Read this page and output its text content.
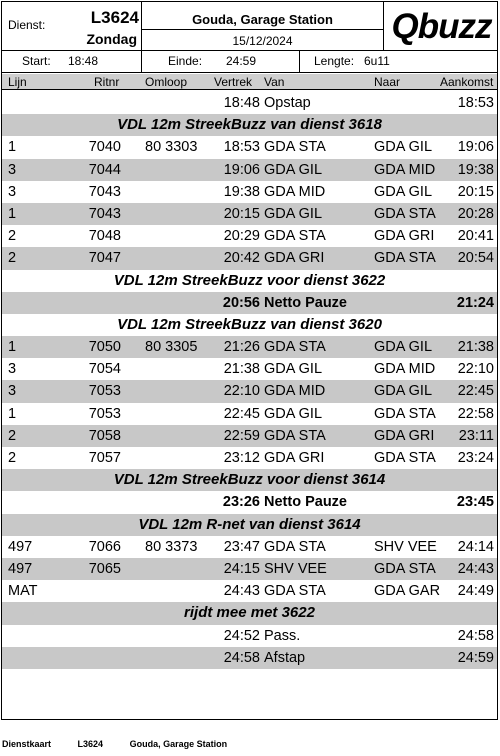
Dienst:	L3624
Zondag
Gouda, Garage Station
15/12/2024	Qbuzz
Start: 18:48	Einde: 24:59	Lengte: 6u11
Lijn	Ritnr Omloop Vertrek Van	Naar	Aankomst
18:48 Opstap	18:53
VDL 12m StreekBuzz van dienst 3618
1	7040 80 3303 18:53 GDA STA	GDA GIL 19:06
3	7044	19:06 GDA GIL	GDA MID 19:38
3	7043	19:38 GDA MID	GDA GIL 20:15
1	7043	20:15 GDA GIL	GDA STA 20:28
2	7048	20:29 GDA STA	GDA GRI 20:41
2	7047	20:42 GDA GRI	GDA STA 20:54
VDL 12m StreekBuzz voor dienst 3622
20:56 Netto Pauze	21:24
VDL 12m StreekBuzz van dienst 3620
1	7050 80 3305 21:26 GDA STA	GDA GIL 21:38
3	7054	21:38 GDA GIL	GDA MID 22:10
3	7053	22:10 GDA MID	GDA GIL 22:45
1	7053	22:45 GDA GIL	GDA STA 22:58
2	7058	22:59 GDA STA	GDA GRI 23:11
2	7057	23:12 GDA GRI	GDA STA 23:24
VDL 12m StreekBuzz voor dienst 3614
23:26 Netto Pauze	23:45
VDL 12m R-net van dienst 3614
497	7066 80 3373 23:47 GDA STA	SHV VEE 24:14
497	7065	24:15 SHV VEE	GDA STA 24:43
MAT	24:43 GDA STA	GDA GAR 24:49
rijdt mee met 3622
24:52 Pass.	24:58
24:58 Afstap	24:59
Dienstkaart	L3624	Gouda, Garage Station
